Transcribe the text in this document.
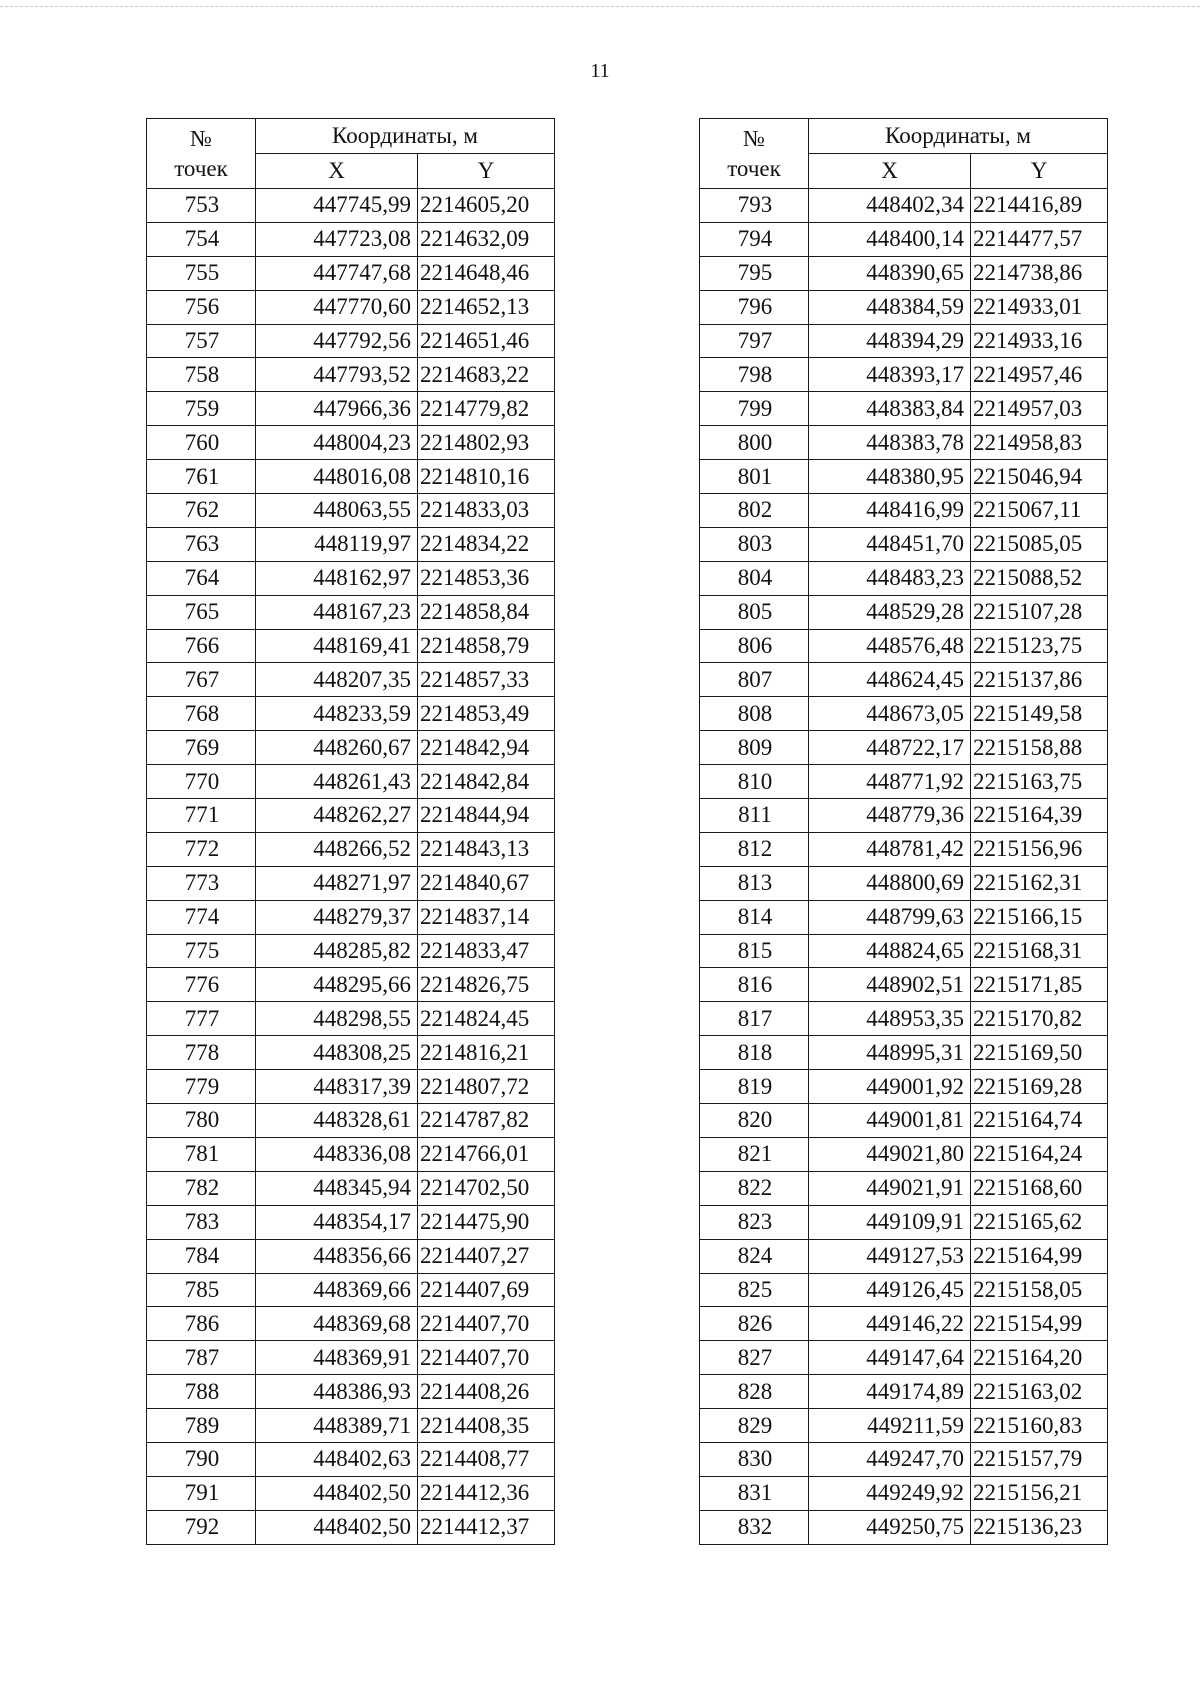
11
№
точек	Координаты, м	
	X	Y
753	447745,99	2214605,20
754	447723,08	2214632,09
755	447747,68	2214648,46
756	447770,60	2214652,13
757	447792,56	2214651,46
758	447793,52	2214683,22
759	447966,36	2214779,82
760	448004,23	2214802,93
761	448016,08	2214810,16
762	448063,55	2214833,03
763	448119,97	2214834,22
764	448162,97	2214853,36
765	448167,23	2214858,84
766	448169,41	2214858,79
767	448207,35	2214857,33
768	448233,59	2214853,49
769	448260,67	2214842,94
770	448261,43	2214842,84
771	448262,27	2214844,94
772	448266,52	2214843,13
773	448271,97	2214840,67
774	448279,37	2214837,14
775	448285,82	2214833,47
776	448295,66	2214826,75
777	448298,55	2214824,45
778	448308,25	2214816,21
779	448317,39	2214807,72
780	448328,61	2214787,82
781	448336,08	2214766,01
782	448345,94	2214702,50
783	448354,17	2214475,90
784	448356,66	2214407,27
785	448369,66	2214407,69
786	448369,68	2214407,70
787	448369,91	2214407,70
788	448386,93	2214408,26
789	448389,71	2214408,35
790	448402,63	2214408,77
791	448402,50	2214412,36
792	448402,50	2214412,37
№
точек	Координаты, м	
	X	Y
793	448402,34	2214416,89
794	448400,14	2214477,57
795	448390,65	2214738,86
796	448384,59	2214933,01
797	448394,29	2214933,16
798	448393,17	2214957,46
799	448383,84	2214957,03
800	448383,78	2214958,83
801	448380,95	2215046,94
802	448416,99	2215067,11
803	448451,70	2215085,05
804	448483,23	2215088,52
805	448529,28	2215107,28
806	448576,48	2215123,75
807	448624,45	2215137,86
808	448673,05	2215149,58
809	448722,17	2215158,88
810	448771,92	2215163,75
811	448779,36	2215164,39
812	448781,42	2215156,96
813	448800,69	2215162,31
814	448799,63	2215166,15
815	448824,65	2215168,31
816	448902,51	2215171,85
817	448953,35	2215170,82
818	448995,31	2215169,50
819	449001,92	2215169,28
820	449001,81	2215164,74
821	449021,80	2215164,24
822	449021,91	2215168,60
823	449109,91	2215165,62
824	449127,53	2215164,99
825	449126,45	2215158,05
826	449146,22	2215154,99
827	449147,64	2215164,20
828	449174,89	2215163,02
829	449211,59	2215160,83
830	449247,70	2215157,79
831	449249,92	2215156,21
832	449250,75	2215136,23
